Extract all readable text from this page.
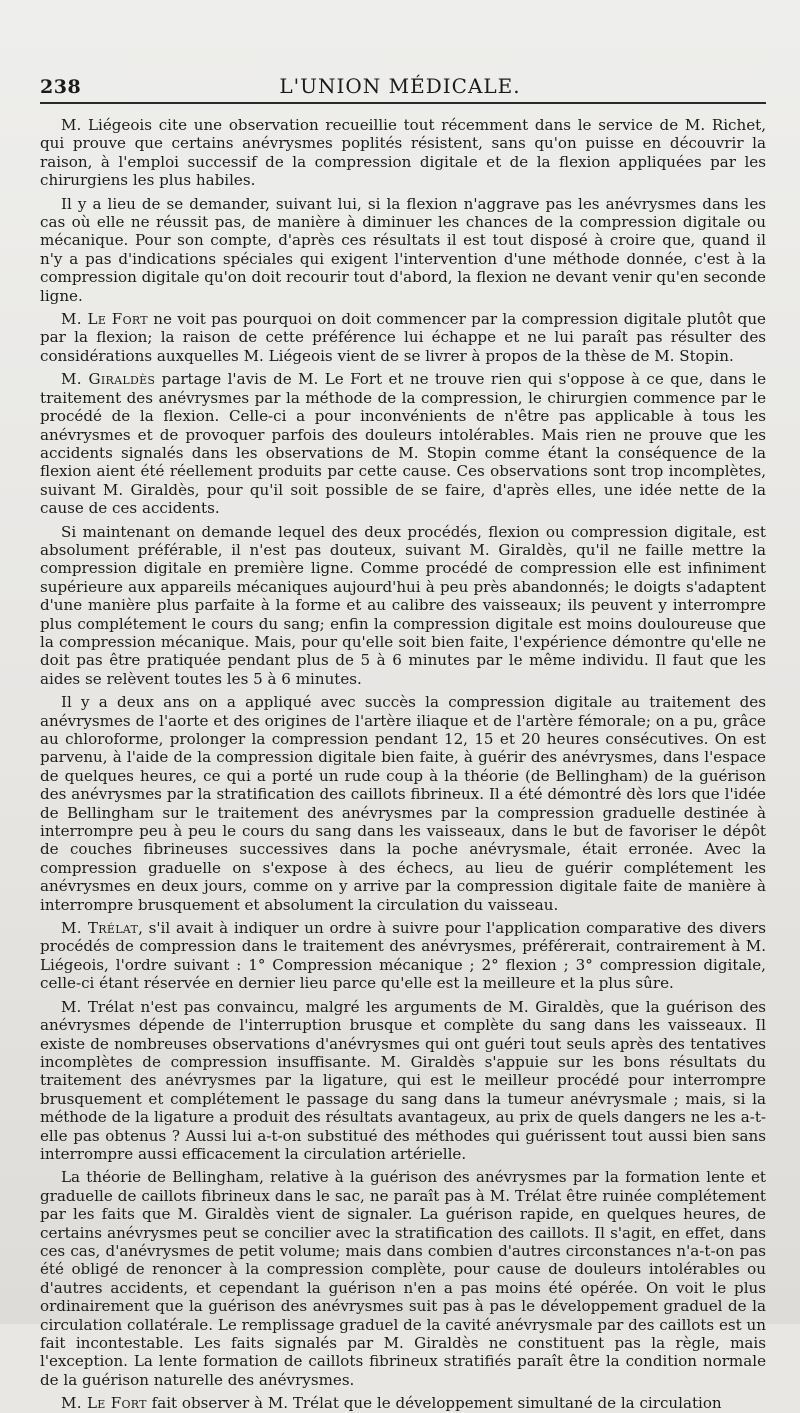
238	L'UNION MÉDICALE.

M. Liégeois cite une observation recueillie tout récemment dans le service de M. Richet, qui prouve que certains anévrysmes poplités résistent, sans qu'on puisse en découvrir la raison, à l'emploi successif de la compression digitale et de la flexion appliquées par les chirurgiens les plus habiles.

Il y a lieu de se demander, suivant lui, si la flexion n'aggrave pas les anévrysmes dans les cas où elle ne réussit pas, de manière à diminuer les chances de la compression digitale ou mécanique. Pour son compte, d'après ces résultats il est tout disposé à croire que, quand il n'y a pas d'indications spéciales qui exigent l'intervention d'une méthode donnée, c'est à la compression digitale qu'on doit recourir tout d'abord, la flexion ne devant venir qu'en seconde ligne.

M. Le Fort ne voit pas pourquoi on doit commencer par la compression digitale plutôt que par la flexion; la raison de cette préférence lui échappe et ne lui paraît pas résulter des considérations auxquelles M. Liégeois vient de se livrer à propos de la thèse de M. Stopin.

M. Giraldès partage l'avis de M. Le Fort et ne trouve rien qui s'oppose à ce que, dans le traitement des anévrysmes par la méthode de la compression, le chirurgien commence par le procédé de la flexion. Celle-ci a pour inconvénients de n'être pas applicable à tous les anévrysmes et de provoquer parfois des douleurs intolérables. Mais rien ne prouve que les accidents signalés dans les observations de M. Stopin comme étant la conséquence de la flexion aient été réellement produits par cette cause. Ces observations sont trop incomplètes, suivant M. Giraldès, pour qu'il soit possible de se faire, d'après elles, une idée nette de la cause de ces accidents.

Si maintenant on demande lequel des deux procédés, flexion ou compression digitale, est absolument préférable, il n'est pas douteux, suivant M. Giraldès, qu'il ne faille mettre la compression digitale en première ligne. Comme procédé de compression elle est infiniment supérieure aux appareils mécaniques aujourd'hui à peu près abandonnés; le doigts s'adaptent d'une manière plus parfaite à la forme et au calibre des vaisseaux; ils peuvent y interrompre plus complétement le cours du sang; enfin la compression digitale est moins douloureuse que la compression mécanique. Mais, pour qu'elle soit bien faite, l'expérience démontre qu'elle ne doit pas être pratiquée pendant plus de 5 à 6 minutes par le même individu. Il faut que les aides se relèvent toutes les 5 à 6 minutes.

Il y a deux ans on a appliqué avec succès la compression digitale au traitement des anévrysmes de l'aorte et des origines de l'artère iliaque et de l'artère fémorale; on a pu, grâce au chloroforme, prolonger la compression pendant 12, 15 et 20 heures consécutives. On est parvenu, à l'aide de la compression digitale bien faite, à guérir des anévrysmes, dans l'espace de quelques heures, ce qui a porté un rude coup à la théorie (de Bellingham) de la guérison des anévrysmes par la stratification des caillots fibrineux. Il a été démontré dès lors que l'idée de Bellingham sur le traitement des anévrysmes par la compression graduelle destinée à interrompre peu à peu le cours du sang dans les vaisseaux, dans le but de favoriser le dépôt de couches fibrineuses successives dans la poche anévrysmale, était erronée. Avec la compression graduelle on s'expose à des échecs, au lieu de guérir complétement les anévrysmes en deux jours, comme on y arrive par la compression digitale faite de manière à interrompre brusquement et absolument la circulation du vaisseau.

M. Trélat, s'il avait à indiquer un ordre à suivre pour l'application comparative des divers procédés de compression dans le traitement des anévrysmes, préférerait, contrairement à M. Liégeois, l'ordre suivant : 1° Compression mécanique ; 2° flexion ; 3° compression digitale, celle-ci étant réservée en dernier lieu parce qu'elle est la meilleure et la plus sûre.

M. Trélat n'est pas convaincu, malgré les arguments de M. Giraldès, que la guérison des anévrysmes dépende de l'interruption brusque et complète du sang dans les vaisseaux. Il existe de nombreuses observations d'anévrysmes qui ont guéri tout seuls après des tentatives incomplètes de compression insuffisante. M. Giraldès s'appuie sur les bons résultats du traitement des anévrysmes par la ligature, qui est le meilleur procédé pour interrompre brusquement et complétement le passage du sang dans la tumeur anévrysmale ; mais, si la méthode de la ligature a produit des résultats avantageux, au prix de quels dangers ne les a-t-elle pas obtenus ? Aussi lui a-t-on substitué des méthodes qui guérissent tout aussi bien sans interrompre aussi efficacement la circulation artérielle.

La théorie de Bellingham, relative à la guérison des anévrysmes par la formation lente et graduelle de caillots fibrineux dans le sac, ne paraît pas à M. Trélat être ruinée complétement par les faits que M. Giraldès vient de signaler. La guérison rapide, en quelques heures, de certains anévrysmes peut se concilier avec la stratification des caillots. Il s'agit, en effet, dans ces cas, d'anévrysmes de petit volume; mais dans combien d'autres circonstances n'a-t-on pas été obligé de renoncer à la compression complète, pour cause de douleurs intolérables ou d'autres accidents, et cependant la guérison n'en a pas moins été opérée. On voit le plus ordinairement que la guérison des anévrysmes suit pas à pas le développement graduel de la circulation collatérale. Le remplissage graduel de la cavité anévrysmale par des caillots est un fait incontestable. Les faits signalés par M. Giraldès ne constituent pas la règle, mais l'exception. La lente formation de caillots fibrineux stratifiés paraît être la condition normale de la guérison naturelle des anévrysmes.

M. Le Fort fait observer à M. Trélat que le développement simultané de la circulation
